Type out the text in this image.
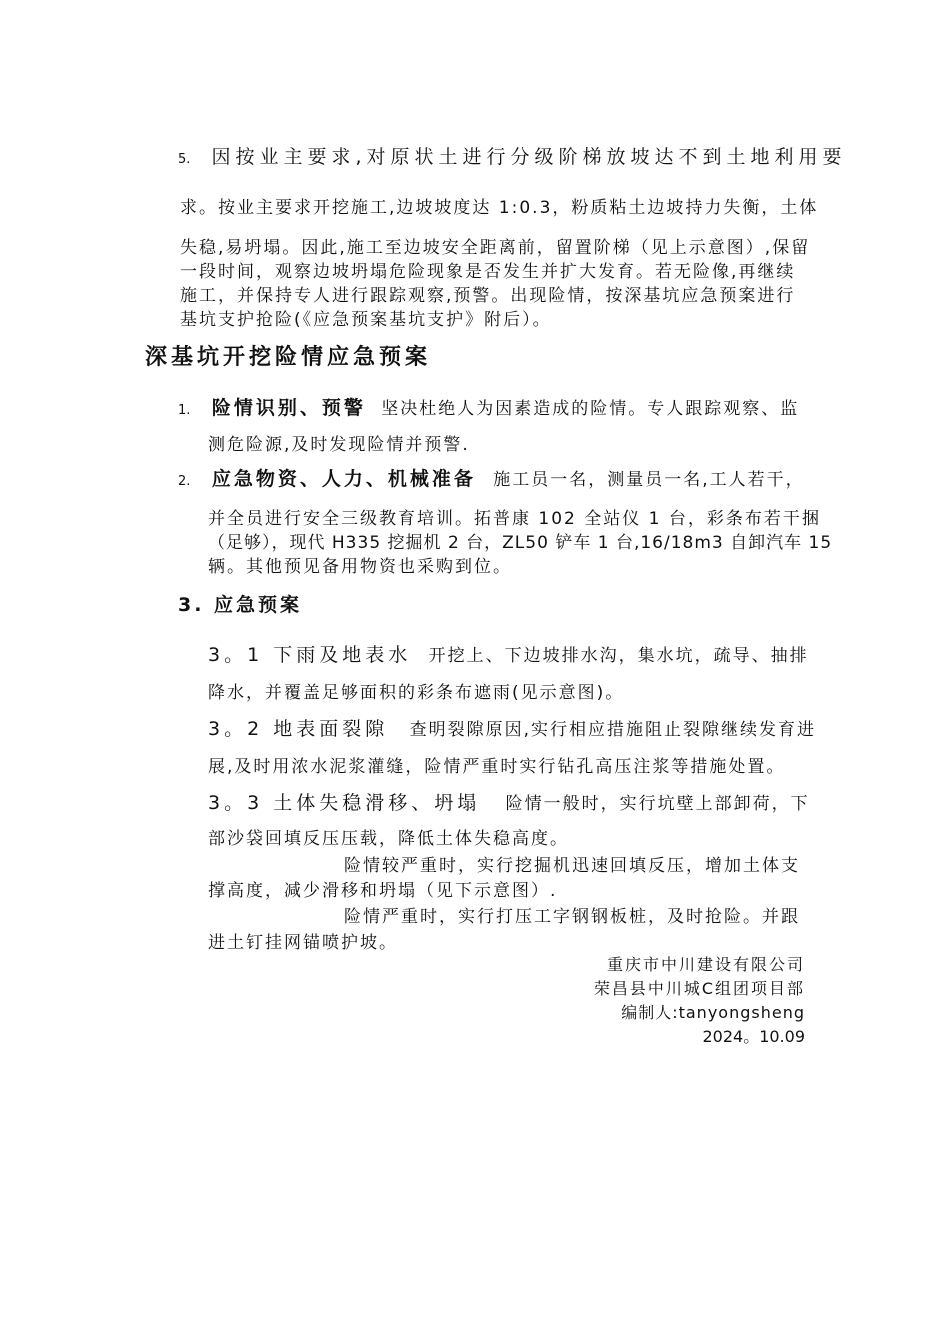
5. 因按业主要求,对原状土进行分级阶梯放坡达不到土地利用要
求。按业主要求开挖施工,边坡坡度达 1:0.3，粉质粘土边坡持力失衡，土体
失稳,易坍塌。因此,施工至边坡安全距离前，留置阶梯（见上示意图）,保留
一段时间，观察边坡坍塌危险现象是否发生并扩大发育。若无险像,再继续
施工，并保持专人进行跟踪观察,预警。出现险情，按深基坑应急预案进行
基坑支护抢险(《应急预案基坑支护》附后）。
深基坑开挖险情应急预案
1. 险情识别、预警 坚决杜绝人为因素造成的险情。专人跟踪观察、监
测危险源,及时发现险情并预警.
2. 应急物资、人力、机械准备 施工员一名，测量员一名,工人若干，
并全员进行安全三级教育培训。拓普康 102 全站仪 1 台，彩条布若干捆
（足够），现代 H335 挖掘机 2 台，ZL50 铲车 1 台,16/18m3 自卸汽车 15
辆。其他预见备用物资也采购到位。
3. 应急预案
3。1 下雨及地表水 开挖上、下边坡排水沟，集水坑，疏导、抽排
降水，并覆盖足够面积的彩条布遮雨(见示意图)。
3。2 地表面裂隙 查明裂隙原因,实行相应措施阻止裂隙继续发育进
展,及时用浓水泥浆灌缝，险情严重时实行钻孔高压注浆等措施处置。
3。3 土体失稳滑移、坍塌 险情一般时，实行坑壁上部卸荷，下
部沙袋回填反压压载，降低土体失稳高度。
险情较严重时，实行挖掘机迅速回填反压，增加土体支
撑高度，减少滑移和坍塌（见下示意图）.
险情严重时，实行打压工字钢钢板桩，及时抢险。并跟
进土钉挂网锚喷护坡。
重庆市中川建设有限公司
荣昌县中川城C组团项目部
编制人:tanyongsheng
2024。10.09
